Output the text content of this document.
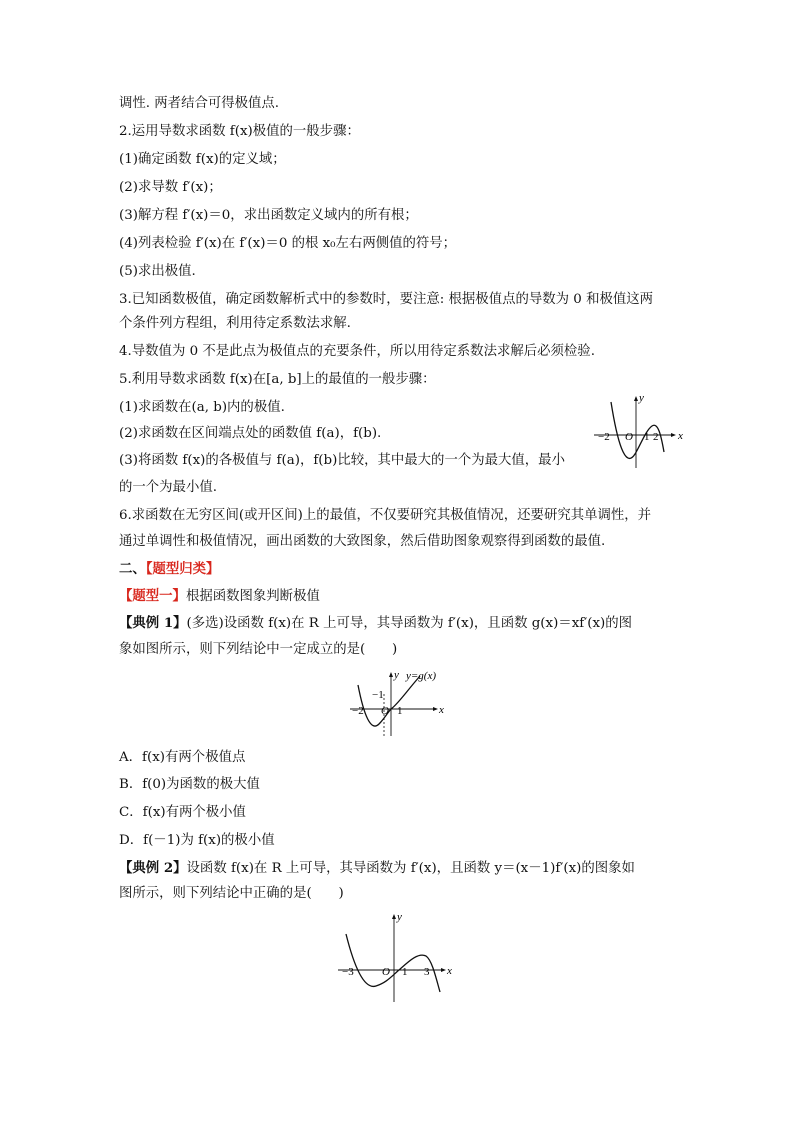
调性. 两者结合可得极值点.
2.运用导数求函数 f(x)极值的一般步骤：
(1)确定函数 f(x)的定义域；
(2)求导数 f′(x)；
(3)解方程 f′(x)＝0，求出函数定义域内的所有根；
(4)列表检验 f′(x)在 f′(x)＝0 的根 x₀左右两侧值的符号；
(5)求出极值.
3.已知函数极值，确定函数解析式中的参数时，要注意: 根据极值点的导数为 0 和极值这两
个条件列方程组，利用待定系数法求解.
4.导数值为 0 不是此点为极值点的充要条件，所以用待定系数法求解后必须检验.
5.利用导数求函数 f(x)在[a, b]上的最值的一般步骤：
(1)求函数在(a, b)内的极值.
(2)求函数在区间端点处的函数值 f(a)，f(b).
(3)将函数 f(x)的各极值与 f(a)，f(b)比较，其中最大的一个为最大值，最小
的一个为最小值.
6.求函数在无穷区间(或开区间)上的最值，不仅要研究其极值情况，还要研究其单调性，并
通过单调性和极值情况，画出函数的大致图象，然后借助图象观察得到函数的最值.
二、【题型归类】
【题型一】根据函数图象判断极值
【典例 1】(多选)设函数 f(x)在 R 上可导，其导函数为 f′(x)，且函数 g(x)＝xf′(x)的图
象如图所示，则下列结论中一定成立的是(　　)
A．f(x)有两个极值点
B．f(0)为函数的极大值
C．f(x)有两个极小值
D．f(－1)为 f(x)的极小值
【典例 2】设函数 f(x)在 R 上可导，其导函数为 f′(x)，且函数 y＝(x－1)f′(x)的图象如
图所示，则下列结论中正确的是(　　)
x
y
O
−2	1 2
y=g(x)
x
y
O
−2
−1
1
x
y
O
−3	1 3
